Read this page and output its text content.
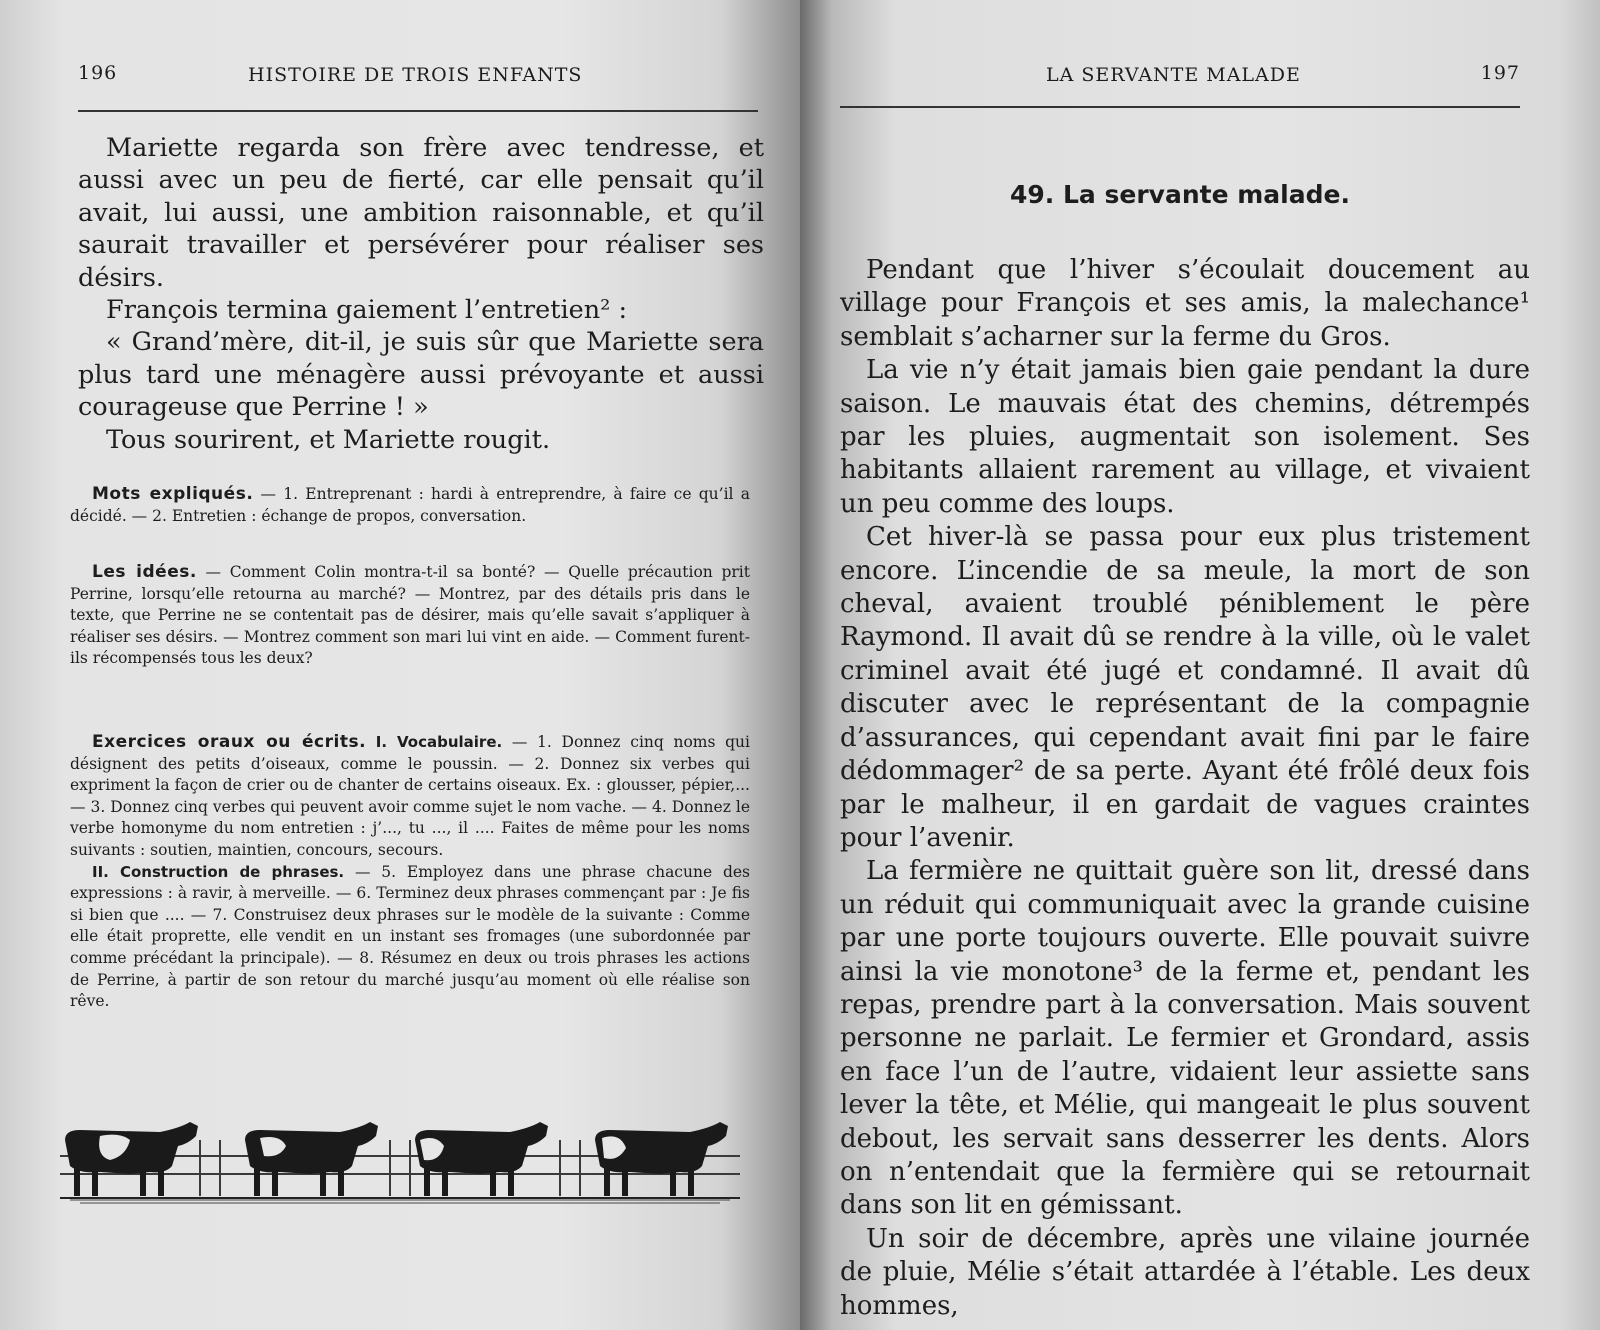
196	HISTOIRE DE TROIS ENFANTS

Mariette regarda son frère avec tendresse, et aussi avec un peu de fierté, car elle pensait qu’il avait, lui aussi, une ambition raisonnable, et qu’il saurait travailler et persévérer pour réaliser ses désirs.

François termina gaiement l’entretien² :

« Grand’mère, dit-il, je suis sûr que Mariette sera plus tard une ménagère aussi prévoyante et aussi courageuse que Perrine ! »

Tous sourirent, et Mariette rougit.

Mots expliqués. — 1. Entreprenant : hardi à entreprendre, à faire ce qu’il a décidé. — 2. Entretien : échange de propos, conversation.

Les idées. — Comment Colin montra-t-il sa bonté? — Quelle précaution prit Perrine, lorsqu’elle retourna au marché? — Montrez, par des détails pris dans le texte, que Perrine ne se contentait pas de désirer, mais qu’elle savait s’appliquer à réaliser ses désirs. — Montrez comment son mari lui vint en aide. — Comment furent-ils récompensés tous les deux?

Exercices oraux ou écrits. I. Vocabulaire. — 1. Donnez cinq noms qui désignent des petits d’oiseaux, comme le poussin. — 2. Donnez six verbes qui expriment la façon de crier ou de chanter de certains oiseaux. Ex. : glousser, pépier,... — 3. Donnez cinq verbes qui peuvent avoir comme sujet le nom vache. — 4. Donnez le verbe homonyme du nom entretien : j’..., tu ..., il .... Faites de même pour les noms suivants : soutien, maintien, concours, secours.

II. Construction de phrases. — 5. Employez dans une phrase chacune des expressions : à ravir, à merveille. — 6. Terminez deux phrases commençant par : Je fis si bien que .... — 7. Construisez deux phrases sur le modèle de la suivante : Comme elle était proprette, elle vendit en un instant ses fromages (une subordonnée par comme précédant la principale). — 8. Résumez en deux ou trois phrases les actions de Perrine, à partir de son retour du marché jusqu’au moment où elle réalise son rêve.

LA SERVANTE MALADE	197
49. La servante malade.

Pendant que l’hiver s’écoulait doucement au village pour François et ses amis, la malechance¹ semblait s’acharner sur la ferme du Gros.

La vie n’y était jamais bien gaie pendant la dure saison. Le mauvais état des chemins, détrempés par les pluies, augmentait son isolement. Ses habitants allaient rarement au village, et vivaient un peu comme des loups.

Cet hiver-là se passa pour eux plus tristement encore. L’incendie de sa meule, la mort de son cheval, avaient troublé péniblement le père Raymond. Il avait dû se rendre à la ville, où le valet criminel avait été jugé et condamné. Il avait dû discuter avec le représentant de la compagnie d’assurances, qui cependant avait fini par le faire dédommager² de sa perte. Ayant été frôlé deux fois par le malheur, il en gardait de vagues craintes pour l’avenir.

La fermière ne quittait guère son lit, dressé dans un réduit qui communiquait avec la grande cuisine par une porte toujours ouverte. Elle pouvait suivre ainsi la vie monotone³ de la ferme et, pendant les repas, prendre part à la conversation. Mais souvent personne ne parlait. Le fermier et Grondard, assis en face l’un de l’autre, vidaient leur assiette sans lever la tête, et Mélie, qui mangeait le plus souvent debout, les servait sans desserrer les dents. Alors on n’entendait que la fermière qui se retournait dans son lit en gémissant.

Un soir de décembre, après une vilaine journée de pluie, Mélie s’était attardée à l’étable. Les deux hommes,
